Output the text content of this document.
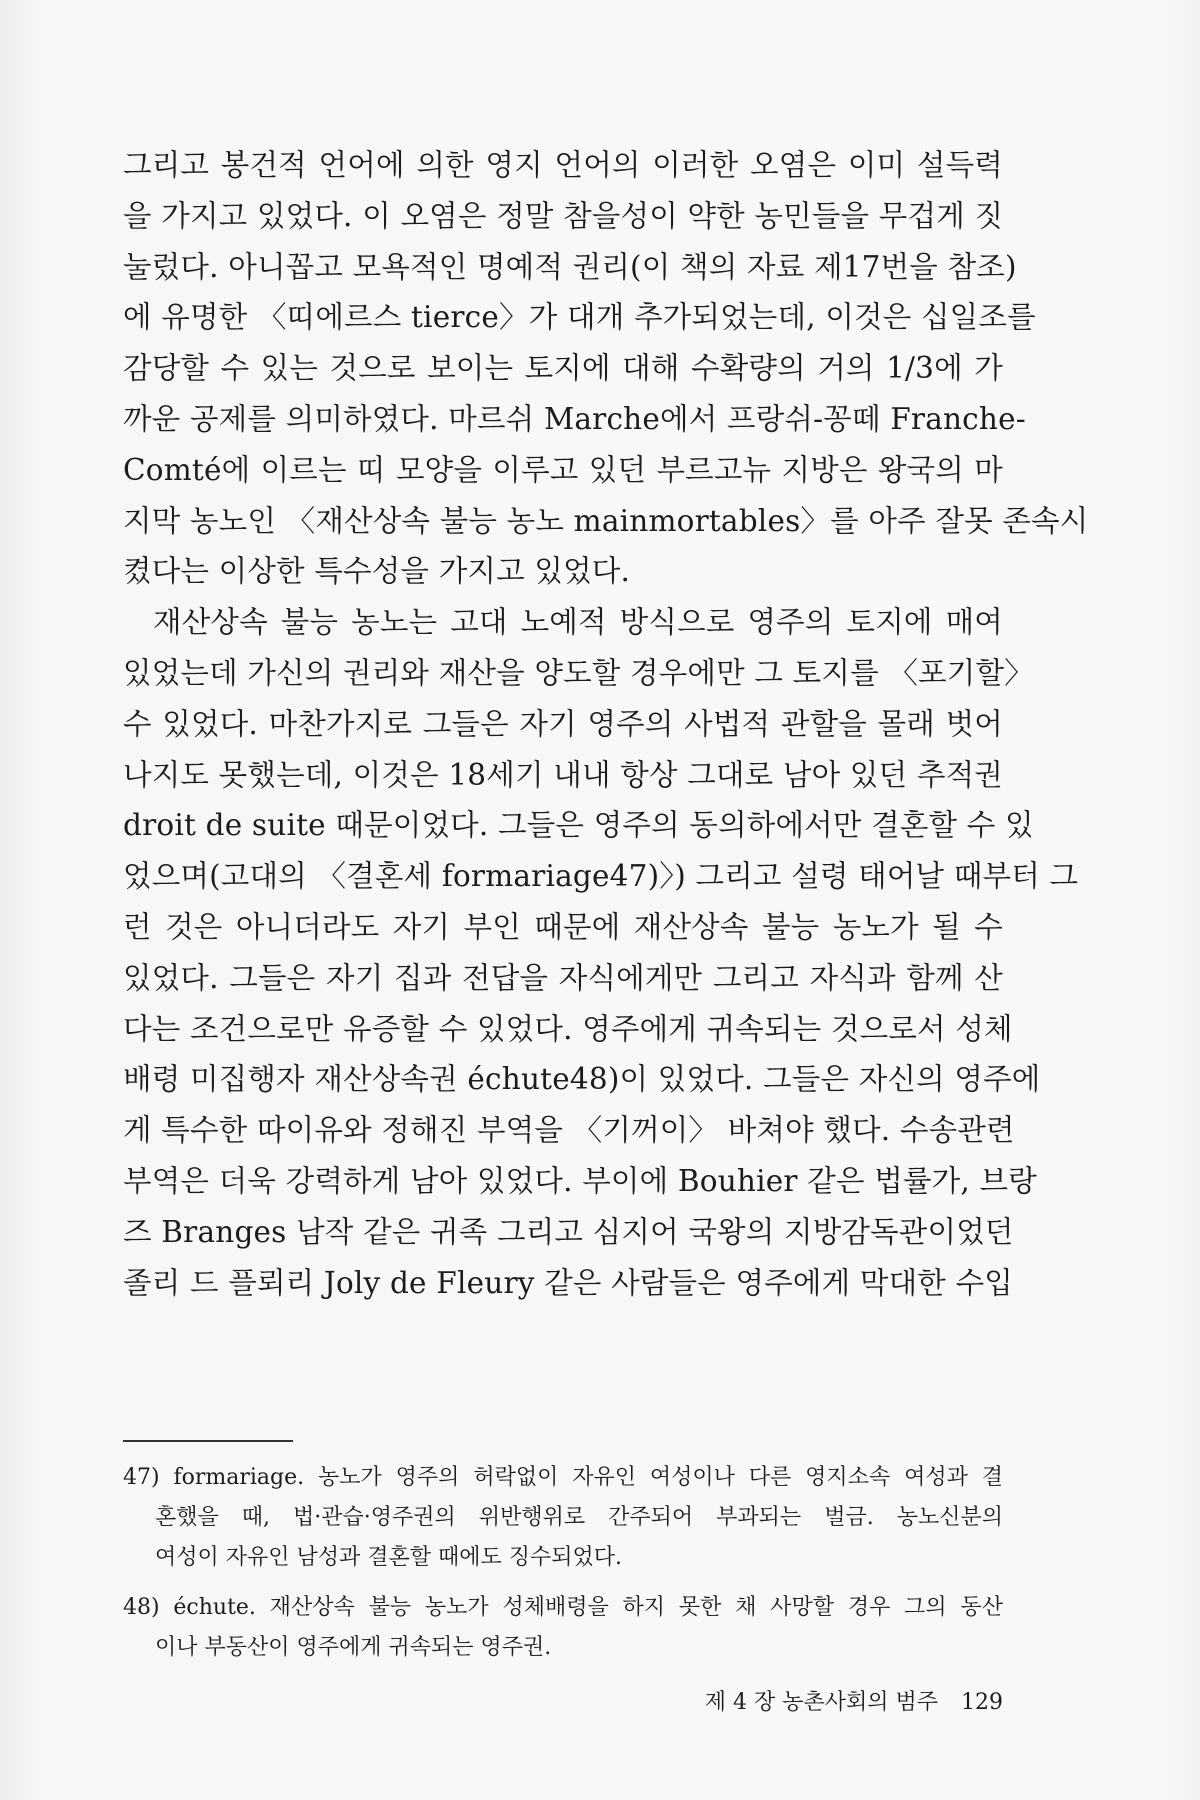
그리고 봉건적 언어에 의한 영지 언어의 이러한 오염은 이미 설득력
을 가지고 있었다. 이 오염은 정말 참을성이 약한 농민들을 무겁게 짓
눌렀다. 아니꼽고 모욕적인 명예적 권리(이 책의 자료 제17번을 참조)
에 유명한 〈띠에르스 tierce〉가 대개 추가되었는데, 이것은 십일조를
감당할 수 있는 것으로 보이는 토지에 대해 수확량의 거의 1/3에 가
까운 공제를 의미하였다. 마르쉬 Marche에서 프랑쉬-꽁떼 Franche-
Comté에 이르는 띠 모양을 이루고 있던 부르고뉴 지방은 왕국의 마
지막 농노인 〈재산상속 불능 농노 mainmortables〉를 아주 잘못 존속시
켰다는 이상한 특수성을 가지고 있었다.
재산상속 불능 농노는 고대 노예적 방식으로 영주의 토지에 매여
있었는데 가신의 권리와 재산을 양도할 경우에만 그 토지를 〈포기할〉
수 있었다. 마찬가지로 그들은 자기 영주의 사법적 관할을 몰래 벗어
나지도 못했는데, 이것은 18세기 내내 항상 그대로 남아 있던 추적권
droit de suite 때문이었다. 그들은 영주의 동의하에서만 결혼할 수 있
었으며(고대의 〈결혼세 formariage47)〉) 그리고 설령 태어날 때부터 그
런 것은 아니더라도 자기 부인 때문에 재산상속 불능 농노가 될 수
있었다. 그들은 자기 집과 전답을 자식에게만 그리고 자식과 함께 산
다는 조건으로만 유증할 수 있었다. 영주에게 귀속되는 것으로서 성체
배령 미집행자 재산상속권 échute48)이 있었다. 그들은 자신의 영주에
게 특수한 따이유와 정해진 부역을 〈기꺼이〉 바쳐야 했다. 수송관련
부역은 더욱 강력하게 남아 있었다. 부이에 Bouhier 같은 법률가, 브랑
즈 Branges 남작 같은 귀족 그리고 심지어 국왕의 지방감독관이었던
졸리 드 플뢰리 Joly de Fleury 같은 사람들은 영주에게 막대한 수입
47) formariage. 농노가 영주의 허락없이 자유인 여성이나 다른 영지소속 여성과 결
혼했을 때, 법·관습·영주권의 위반행위로 간주되어 부과되는 벌금. 농노신분의
여성이 자유인 남성과 결혼할 때에도 징수되었다.
48) échute. 재산상속 불능 농노가 성체배령을 하지 못한 채 사망할 경우 그의 동산
이나 부동산이 영주에게 귀속되는 영주권.
제 4 장 농촌사회의 범주 129
